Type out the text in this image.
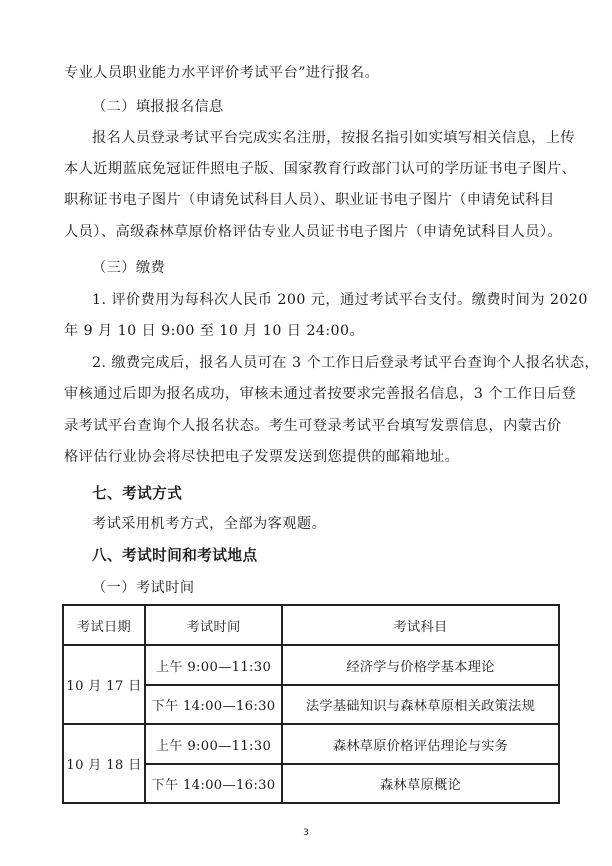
专业人员职业能力水平评价考试平台”进行报名。
（二）填报报名信息
报名人员登录考试平台完成实名注册，按报名指引如实填写相关信息，上传
本人近期蓝底免冠证件照电子版、国家教育行政部门认可的学历证书电子图片、
职称证书电子图片（申请免试科目人员）、职业证书电子图片（申请免试科目
人员）、高级森林草原价格评估专业人员证书电子图片（申请免试科目人员）。
（三）缴费
1. 评价费用为每科次人民币 200 元，通过考试平台支付。缴费时间为 2020
年 9 月 10 日 9:00 至 10 月 10 日 24:00。
2. 缴费完成后，报名人员可在 3 个工作日后登录考试平台查询个人报名状态，
审核通过后即为报名成功，审核未通过者按要求完善报名信息，3 个工作日后登
录考试平台查询个人报名状态。考生可登录考试平台填写发票信息，内蒙古价
格评估行业协会将尽快把电子发票发送到您提供的邮箱地址。
七、考试方式
考试采用机考方式，全部为客观题。
八、考试时间和考试地点
（一）考试时间
考试日期	考试时间	考试科目
10 月 17 日
上午 9:00—11:30	经济学与价格学基本理论
下午 14:00—16:30	法学基础知识与森林草原相关政策法规
10 月 18 日
上午 9:00—11:30	森林草原价格评估理论与实务
下午 14:00—16:30	森林草原概论
3
